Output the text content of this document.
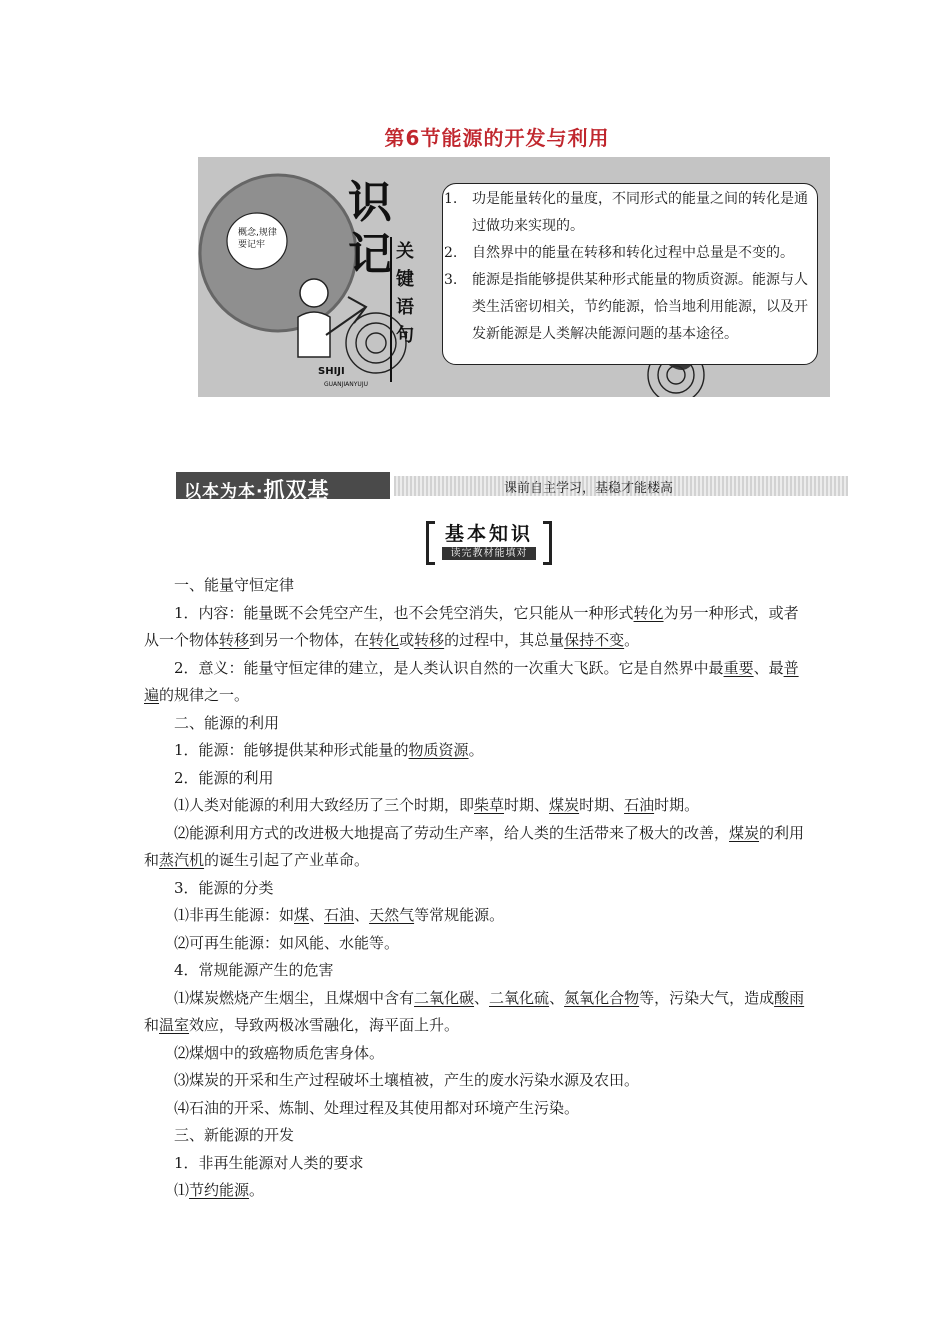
第6节能源的开发与利用
识
记 关
键
语
句
SHIJI
GUANJIANYUJU
概念,规律要记牢
1. 功是能量转化的量度，不同形式的能量之间的转化是通过做功来实现的。
2. 自然界中的能量在转移和转化过程中总量是不变的。
3. 能源是指能够提供某种形式能量的物质资源。能源与人类生活密切相关，节约能源，恰当地利用能源，以及开发新能源是人类解决能源问题的基本途径。
以本为本·抓双基	课前自主学习，基稳才能楼高
基本知识
读完教材能填对

一、能量守恒定律

1．内容：能量既不会凭空产生，也不会凭空消失，它只能从一种形式转化为另一种形式，或者从一个物体转移到另一个物体，在转化或转移的过程中，其总量保持不变。

2．意义：能量守恒定律的建立，是人类认识自然的一次重大飞跃。它是自然界中最重要、最普遍的规律之一。

二、能源的利用

1．能源：能够提供某种形式能量的物质资源。

2．能源的利用

⑴人类对能源的利用大致经历了三个时期，即柴草时期、煤炭时期、石油时期。

⑵能源利用方式的改进极大地提高了劳动生产率，给人类的生活带来了极大的改善，煤炭的利用和蒸汽机的诞生引起了产业革命。

3．能源的分类

⑴非再生能源：如煤、石油、天然气等常规能源。

⑵可再生能源：如风能、水能等。

4．常规能源产生的危害

⑴煤炭燃烧产生烟尘，且煤烟中含有二氧化碳、二氧化硫、氮氧化合物等，污染大气，造成酸雨和温室效应，导致两极冰雪融化，海平面上升。

⑵煤烟中的致癌物质危害身体。

⑶煤炭的开采和生产过程破坏土壤植被，产生的废水污染水源及农田。

⑷石油的开采、炼制、处理过程及其使用都对环境产生污染。

三、新能源的开发

1．非再生能源对人类的要求

⑴节约能源。
